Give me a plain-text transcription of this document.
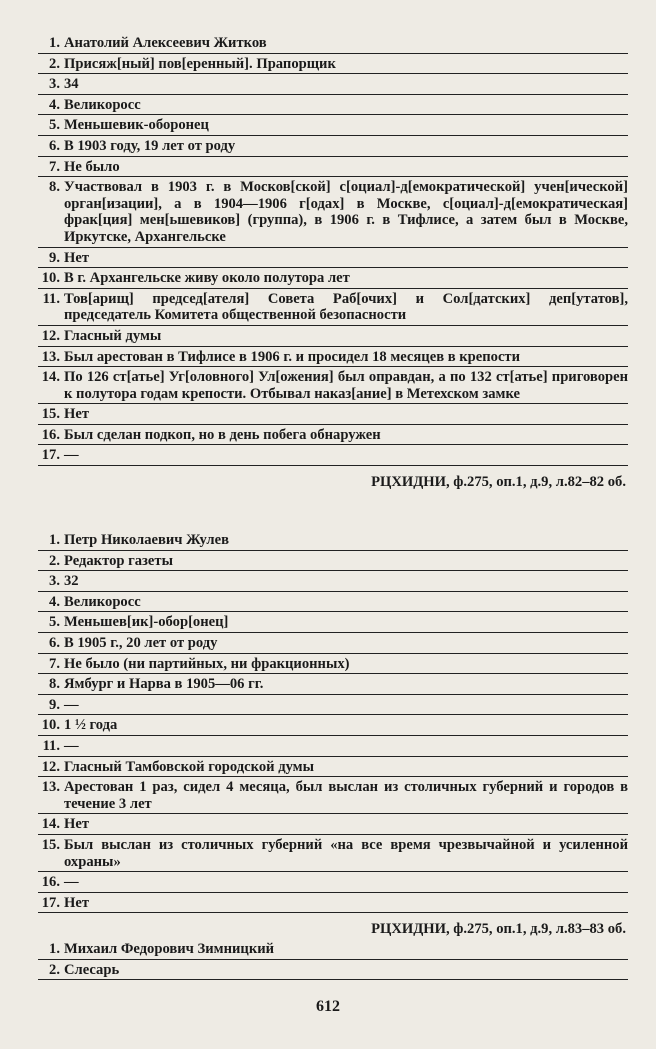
1. Анатолий Алексеевич Житков
2. Присяж[ный] пов[еренный]. Прапорщик
3. 34
4. Великоросс
5. Меньшевик-оборонец
6. В 1903 году, 19 лет от роду
7. Не было
8. Участвовал в 1903 г. в Москов[ской] с[оциал]-д[емократической] учен[ической] орган[изации], а в 1904—1906 г[одах] в Москве, с[оциал]-д[емократическая] фрак[ция] мен[ьшевиков] (группа), в 1906 г. в Тифлисе, а затем был в Москве, Иркутске, Архангельске
9. Нет
10. В г. Архангельске живу около полутора лет
11. Тов[арищ] председ[ателя] Совета Раб[очих] и Сол[датских] деп[утатов], председатель Комитета общественной безопасности
12. Гласный думы
13. Был арестован в Тифлисе в 1906 г. и просидел 18 месяцев в крепости
14. По 126 ст[атье] Уг[оловного] Ул[ожения] был оправдан, а по 132 ст[атье] приговорен к полутора годам крепости. Отбывал наказ[ание] в Метехском замке
15. Нет
16. Был сделан подкоп, но в день побега обнаружен
17. —
РЦХИДНИ, ф.275, оп.1, д.9, л.82–82 об.
1. Петр Николаевич Жулев
2. Редактор газеты
3. 32
4. Великоросс
5. Меньшев[ик]-обор[онец]
6. В 1905 г., 20 лет от роду
7. Не было (ни партийных, ни фракционных)
8. Ямбург и Нарва в 1905—06 гг.
9. —
10. 1 ½ года
11. —
12. Гласный Тамбовской городской думы
13. Арестован 1 раз, сидел 4 месяца, был выслан из столичных губерний и городов в течение 3 лет
14. Нет
15. Был выслан из столичных губерний «на все время чрезвычайной и усиленной охраны»
16. —
17. Нет
РЦХИДНИ, ф.275, оп.1, д.9, л.83–83 об.
1. Михаил Федорович Зимницкий
2. Слесарь
612
